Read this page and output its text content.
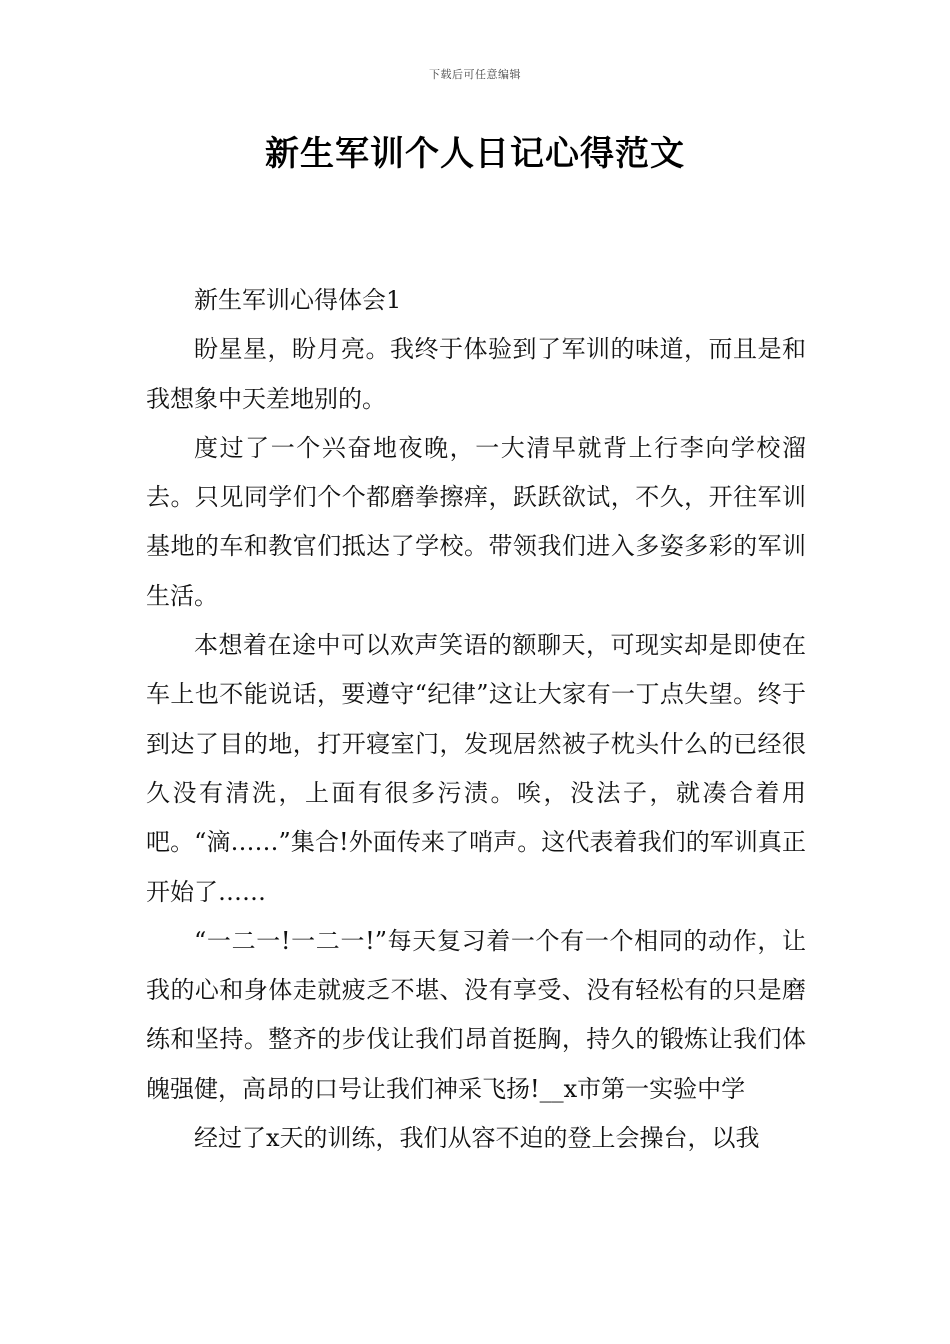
下载后可任意编辑
新生军训个人日记心得范文

新生军训心得体会1

盼星星，盼月亮。我终于体验到了军训的味道，而且是和我想象中天差地别的。

度过了一个兴奋地夜晚，一大清早就背上行李向学校溜去。只见同学们个个都磨拳擦痒，跃跃欲试，不久，开往军训基地的车和教官们抵达了学校。带领我们进入多姿多彩的军训生活。

本想着在途中可以欢声笑语的额聊天，可现实却是即使在车上也不能说话，要遵守“纪律”这让大家有一丁点失望。终于到达了目的地，打开寝室门，发现居然被子枕头什么的已经很久没有清洗，上面有很多污渍。唉，没法子，就凑合着用吧。“滴……”集合!外面传来了哨声。这代表着我们的军训真正开始了……

“一二一!一二一!”每天复习着一个有一个相同的动作，让我的心和身体走就疲乏不堪、没有享受、没有轻松有的只是磨练和坚持。整齐的步伐让我们昂首挺胸，持久的锻炼让我们体魄强健，高昂的口号让我们神采飞扬!__x市第一实验中学

经过了x天的训练，我们从容不迫的登上会操台，以我
